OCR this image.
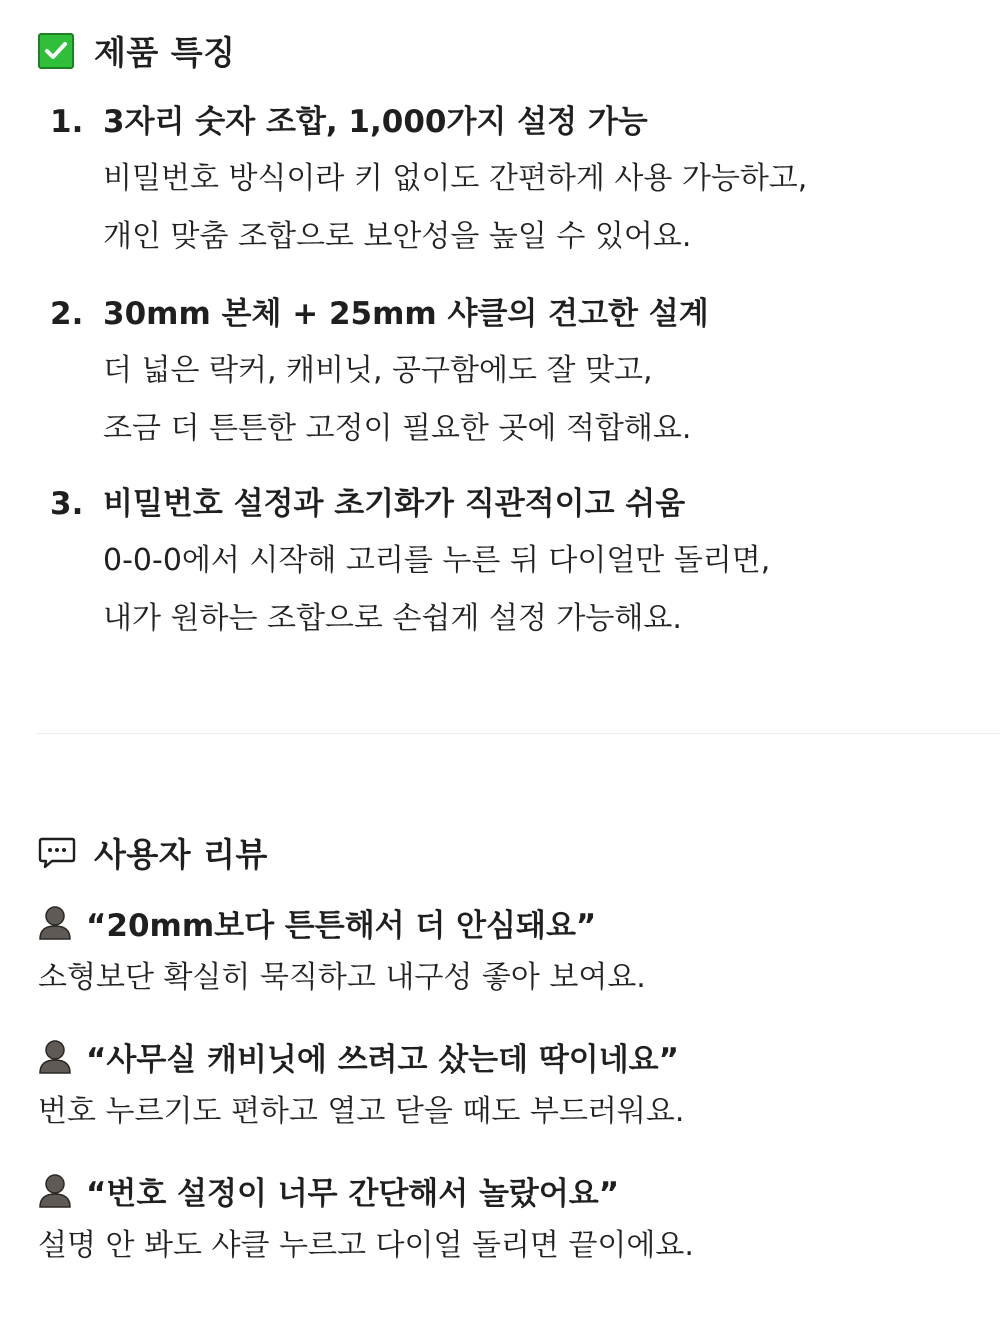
제품 특징
1. 3자리 숫자 조합, 1,000가지 설정 가능
비밀번호 방식이라 키 없이도 간편하게 사용 가능하고,
개인 맞춤 조합으로 보안성을 높일 수 있어요.
2. 30mm 본체 + 25mm 샤클의 견고한 설계
더 넓은 락커, 캐비닛, 공구함에도 잘 맞고,
조금 더 튼튼한 고정이 필요한 곳에 적합해요.
3. 비밀번호 설정과 초기화가 직관적이고 쉬움
0-0-0에서 시작해 고리를 누른 뒤 다이얼만 돌리면,
내가 원하는 조합으로 손쉽게 설정 가능해요.
사용자 리뷰
“20mm보다 튼튼해서 더 안심돼요”
소형보단 확실히 묵직하고 내구성 좋아 보여요.
“사무실 캐비닛에 쓰려고 샀는데 딱이네요”
번호 누르기도 편하고 열고 닫을 때도 부드러워요.
“번호 설정이 너무 간단해서 놀랐어요”
설명 안 봐도 샤클 누르고 다이얼 돌리면 끝이에요.
